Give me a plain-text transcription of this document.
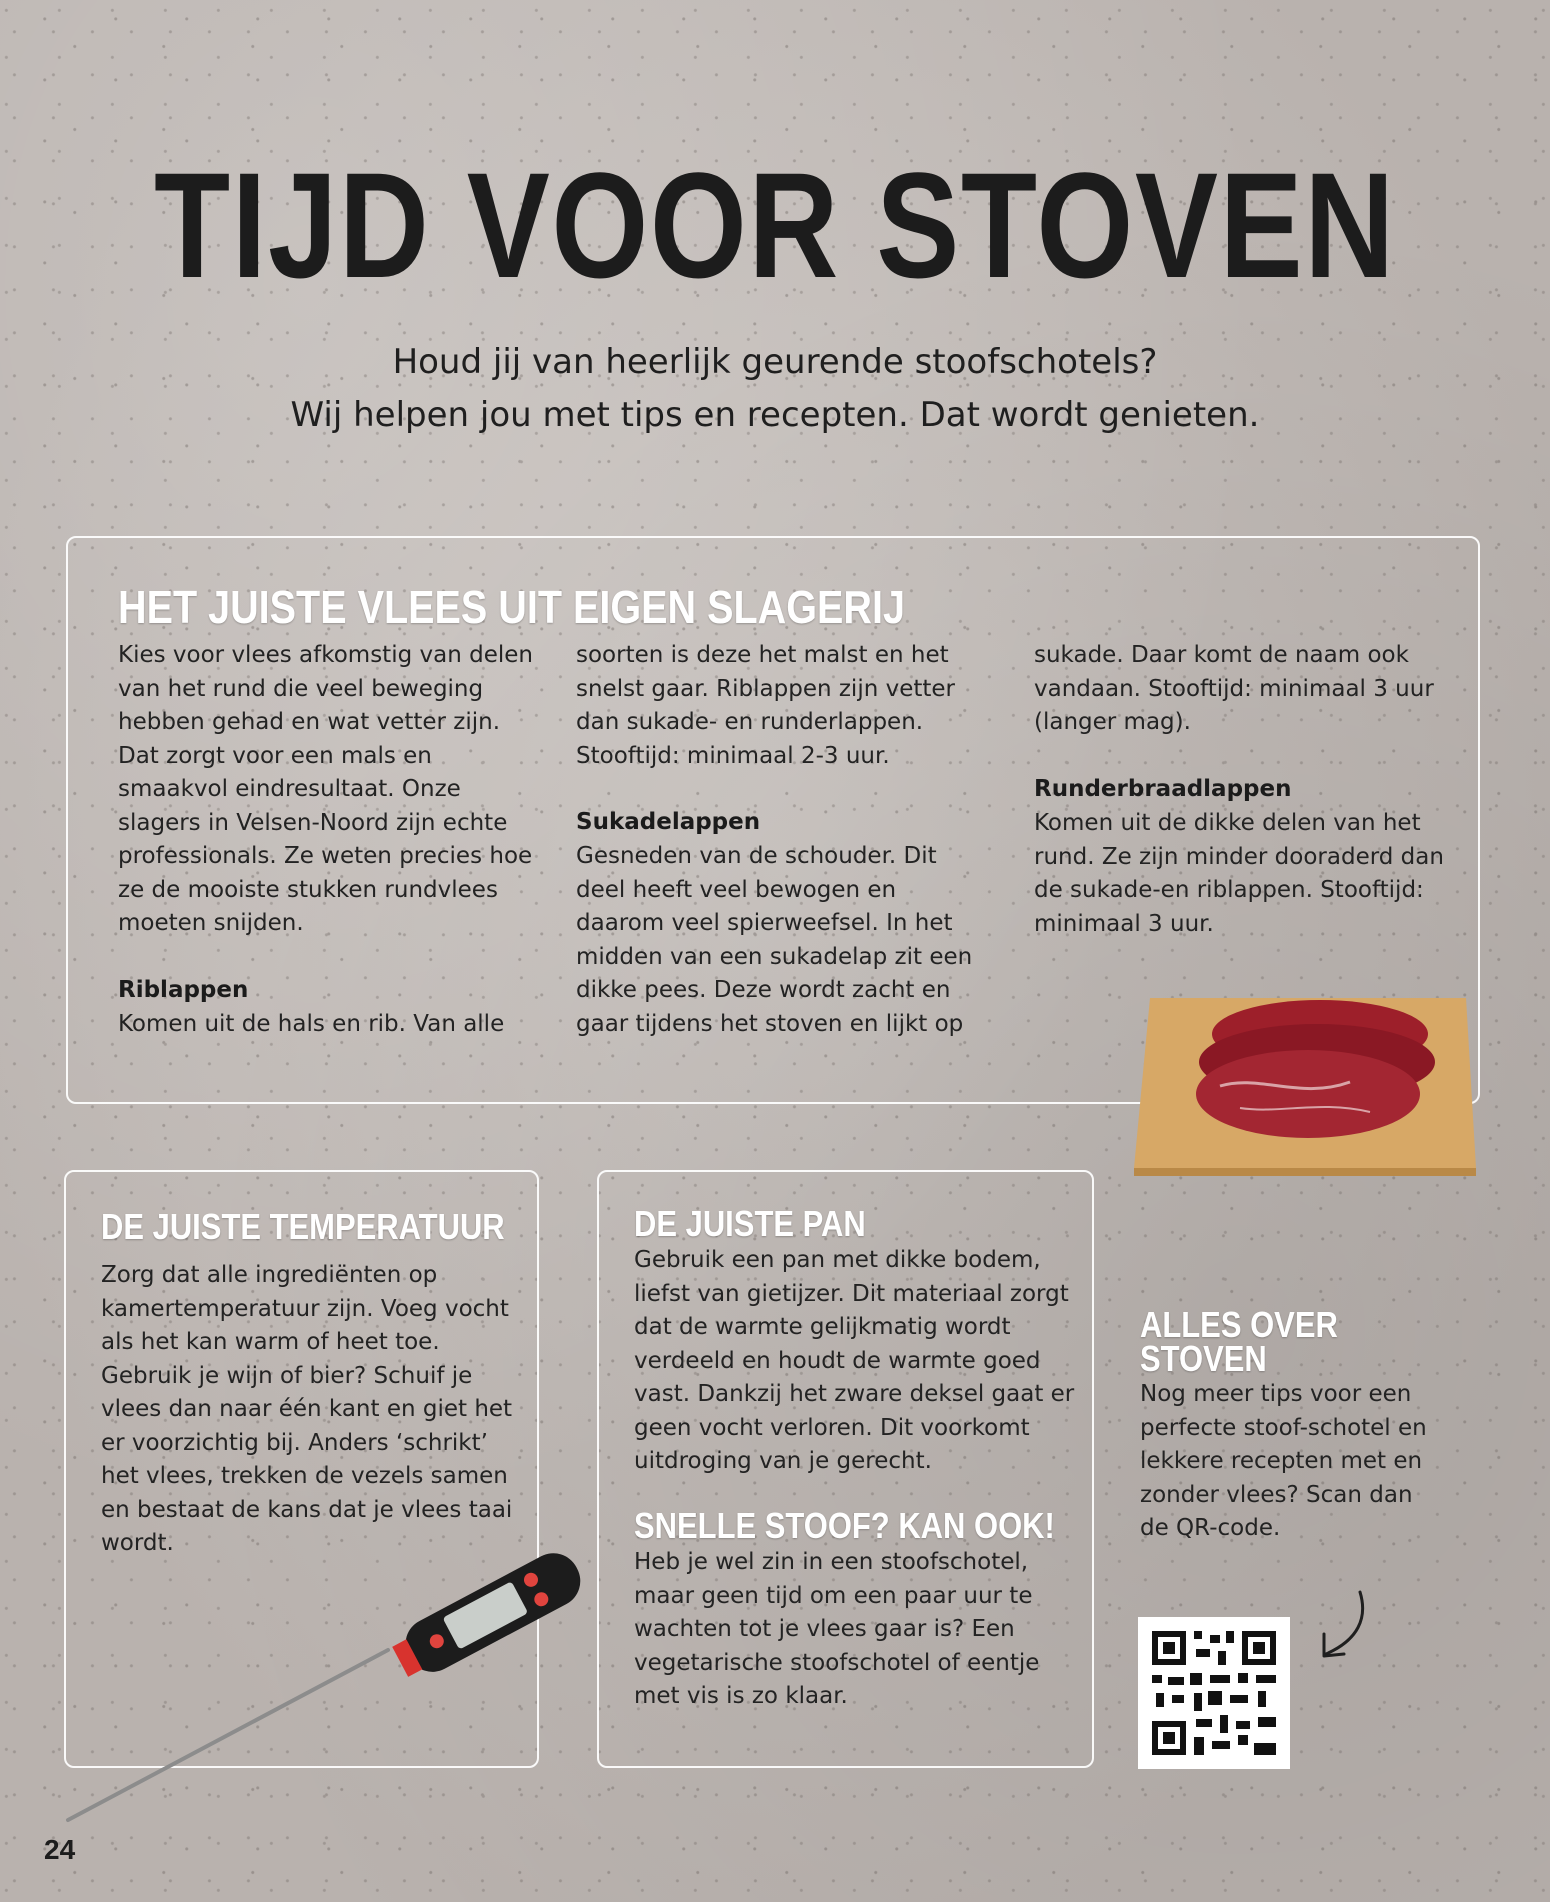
TIJD VOOR STOVEN
Houd jij van heerlijk geurende stoofschotels?
Wij helpen jou met tips en recepten. Dat wordt genieten.
HET JUISTE VLEES UIT EIGEN SLAGERIJ

Kies voor vlees afkomstig van delen van het rund die veel beweging hebben gehad en wat vetter zijn. Dat zorgt voor een mals en smaakvol eindresultaat. Onze slagers in Velsen-Noord zijn echte professionals. Ze weten precies hoe ze de mooiste stukken rundvlees moeten snijden.

Riblappen

Komen uit de hals en rib. Van alle

soorten is deze het malst en het snelst gaar. Riblappen zijn vetter dan sukade- en runderlappen. Stooftijd: minimaal 2-3 uur.

Sukadelappen

Gesneden van de schouder. Dit deel heeft veel bewogen en daarom veel spierweefsel. In het midden van een sukadelap zit een dikke pees. Deze wordt zacht en gaar tijdens het stoven en lijkt op

sukade. Daar komt de naam ook vandaan. Stooftijd: minimaal 3 uur (langer mag).

Runderbraadlappen

Komen uit de dikke delen van het rund. Ze zijn minder dooraderd dan de sukade-en riblappen. Stooftijd: minimaal 3 uur.

DE JUISTE TEMPERATUUR

Zorg dat alle ingrediënten op kamertemperatuur zijn. Voeg vocht als het kan warm of heet toe. Gebruik je wijn of bier? Schuif je vlees dan naar één kant en giet het er voorzichtig bij. Anders ‘schrikt’ het vlees, trekken de vezels samen en bestaat de kans dat je vlees taai wordt.

DE JUISTE PAN

Gebruik een pan met dikke bodem, liefst van gietijzer. Dit materiaal zorgt dat de warmte gelijkmatig wordt verdeeld en houdt de warmte goed vast. Dankzij het zware deksel gaat er geen vocht verloren. Dit voorkomt uitdroging van je gerecht.

SNELLE STOOF? KAN OOK!

Heb je wel zin in een stoofschotel, maar geen tijd om een paar uur te wachten tot je vlees gaar is? Een vegetarische stoofschotel of eentje met vis is zo klaar.

ALLES OVER
STOVEN

Nog meer tips voor een perfecte stoof-schotel en lekkere recepten met en zonder vlees? Scan dan de QR-code.

24
